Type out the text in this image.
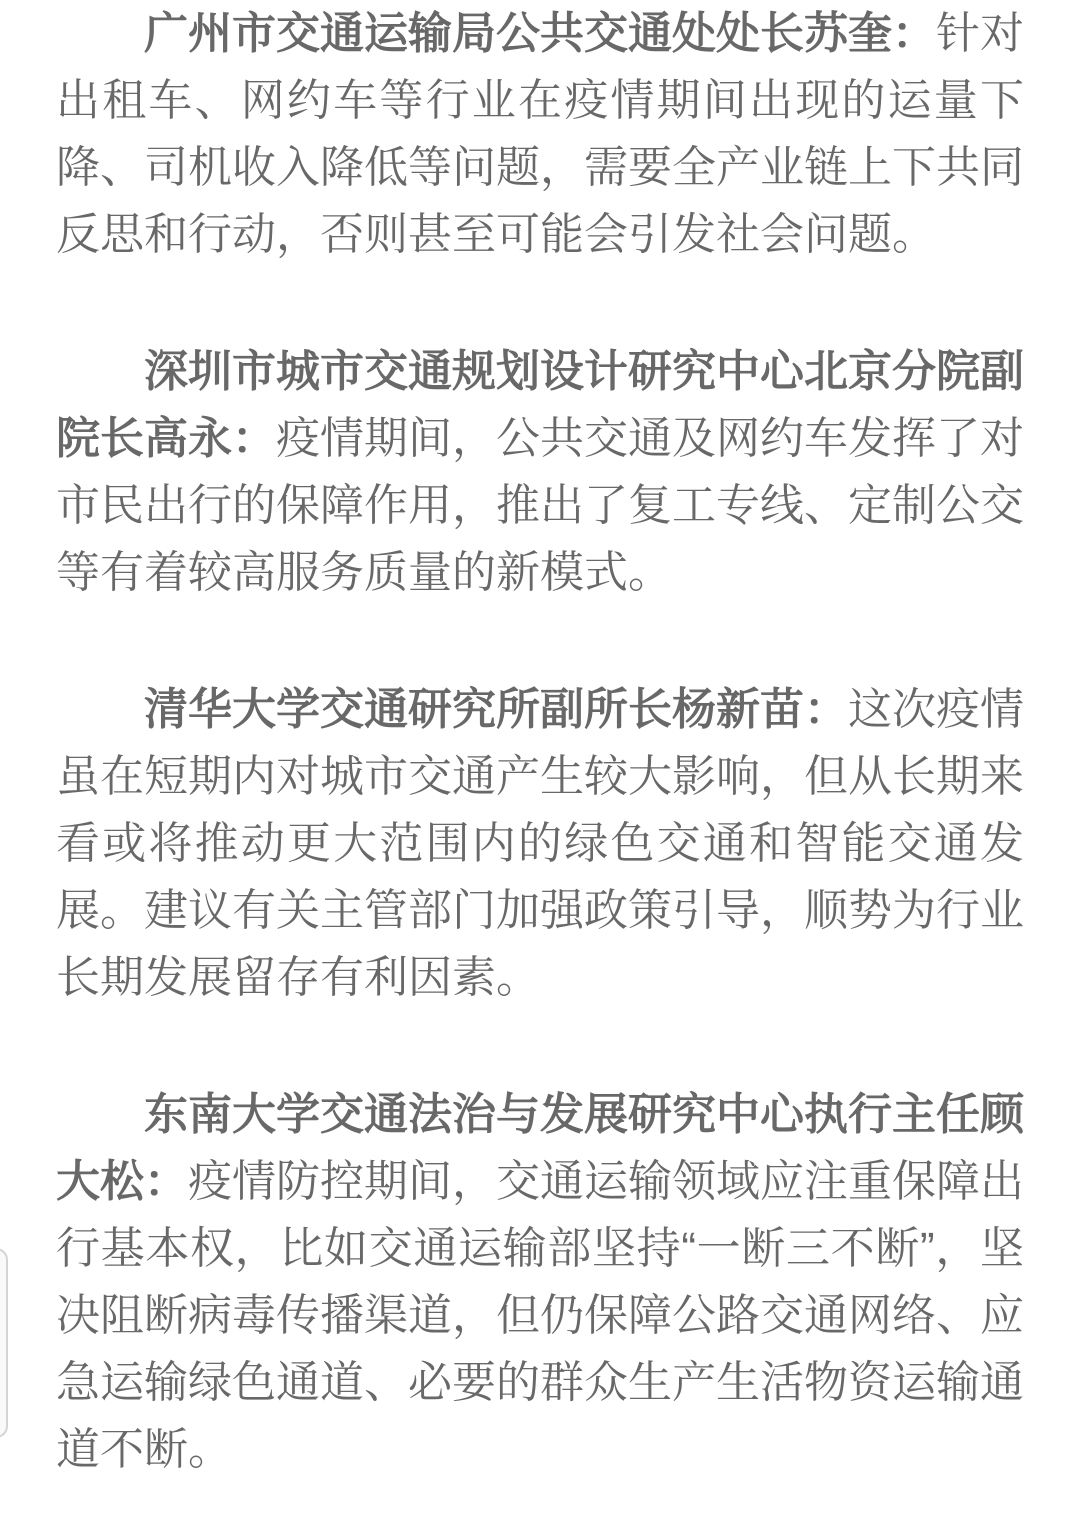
广州市交通运输局公共交通处处长苏奎：针对出租车、网约车等行业在疫情期间出现的运量下降、司机收入降低等问题，需要全产业链上下共同反思和行动，否则甚至可能会引发社会问题。

深圳市城市交通规划设计研究中心北京分院副院长高永：疫情期间，公共交通及网约车发挥了对市民出行的保障作用，推出了复工专线、定制公交等有着较高服务质量的新模式。

清华大学交通研究所副所长杨新苗：这次疫情虽在短期内对城市交通产生较大影响，但从长期来看或将推动更大范围内的绿色交通和智能交通发展。建议有关主管部门加强政策引导，顺势为行业长期发展留存有利因素。

东南大学交通法治与发展研究中心执行主任顾大松：疫情防控期间，交通运输领域应注重保障出行基本权，比如交通运输部坚持“一断三不断”，坚决阻断病毒传播渠道，但仍保障公路交通网络、应急运输绿色通道、必要的群众生产生活物资运输通道不断。
